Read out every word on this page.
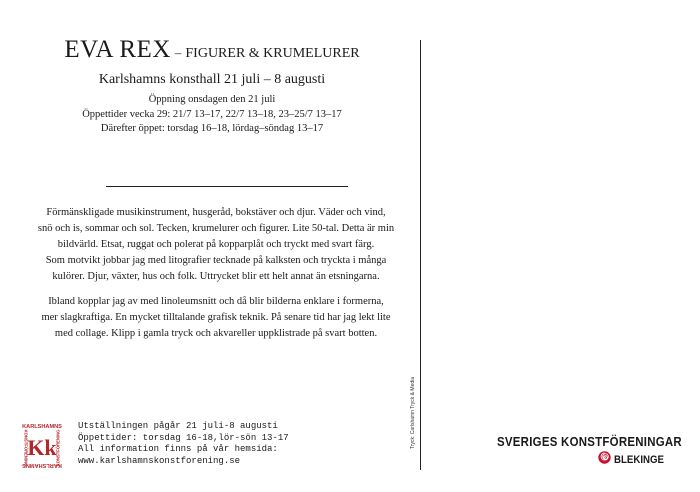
EVA REX – FIGURER & KRUMELURER
Karlshamns konsthall 21 juli – 8 augusti
Öppning onsdagen den 21 juli
Öppettider vecka 29: 21/7 13–17, 22/7 13–18, 23–25/7 13–17
Därefter öppet: torsdag 16–18, lördag–söndag 13–17
Förmänskligade musikinstrument, husgeråd, bokstäver och djur. Väder och vind,
snö och is, sommar och sol. Tecken, krumelurer och figurer. Lite 50-tal. Detta är min
bildvärld. Etsat, ruggat och polerat på kopparplåt och tryckt med svart färg.
Som motvikt jobbar jag med litografier tecknade på kalksten och tryckta i många
kulörer. Djur, växter, hus och folk. Uttrycket blir ett helt annat än etsningarna.
Ibland kopplar jag av med linoleumsnitt och då blir bilderna enklare i formerna,
mer slagkraftiga. En mycket tilltalande grafisk teknik. På senare tid har jag lekt lite
med collage. Klipp i gamla tryck och akvareller uppklistrade på svart botten.
KARLSHAMNS
KARLSHAMNS
KONSTFÖRENING	KONSTFÖRENING
Kk
Utställningen pågår 21 juli-8 augusti
Öppettider: torsdag 16-18,lör-sön 13-17
All information finns på vår hemsida:
www.karlshamnskonstforening.se
Tryck: Carlshamn Tryck & Media	SVERIGES KONSTFÖRENINGAR
BLEKINGE
